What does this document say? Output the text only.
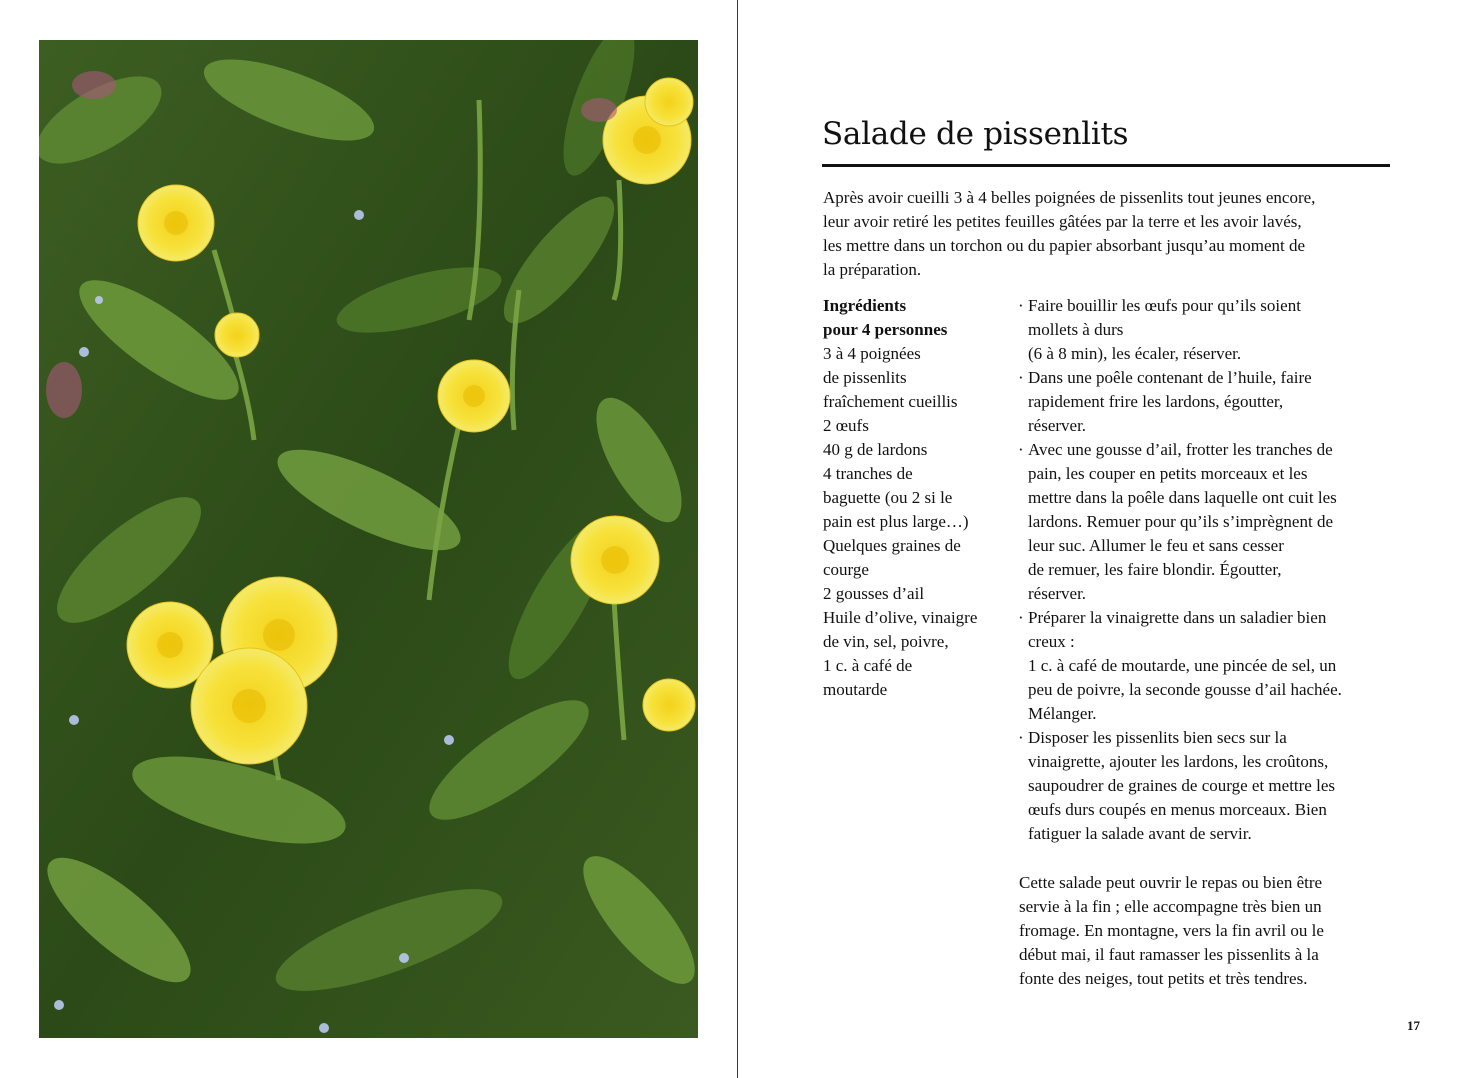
Salade de pissenlits

Après avoir cueilli 3 à 4 belles poignées de pissenlits tout jeunes encore,
leur avoir retiré les petites feuilles gâtées par la terre et les avoir lavés,
les mettre dans un torchon ou du papier absorbant jusqu’au moment de
la préparation.

Ingrédients
pour 4 personnes
3 à 4 poignées
de pissenlits
fraîchement cueillis
2 œufs
40 g de lardons
4 tranches de
baguette (ou 2 si le
pain est plus large…)
Quelques graines de
courge
2 gousses d’ail
Huile d’olive, vinaigre
de vin, sel, poivre,
1 c. à café de
moutarde
· Faire bouillir les œufs pour qu’ils soient
mollets à durs
(6 à 8 min), les écaler, réserver.
· Dans une poêle contenant de l’huile, faire
rapidement frire les lardons, égoutter,
réserver.
· Avec une gousse d’ail, frotter les tranches de
pain, les couper en petits morceaux et les
mettre dans la poêle dans laquelle ont cuit les
lardons. Remuer pour qu’ils s’imprègnent de
leur suc. Allumer le feu et sans cesser
de remuer, les faire blondir. Égoutter,
réserver.
· Préparer la vinaigrette dans un saladier bien
creux :
1 c. à café de moutarde, une pincée de sel, un
peu de poivre, la seconde gousse d’ail hachée.
Mélanger.
· Disposer les pissenlits bien secs sur la
vinaigrette, ajouter les lardons, les croûtons,
saupoudrer de graines de courge et mettre les
œufs durs coupés en menus morceaux. Bien
fatiguer la salade avant de servir.

Cette salade peut ouvrir le repas ou bien être
servie à la fin ; elle accompagne très bien un
fromage. En montagne, vers la fin avril ou le
début mai, il faut ramasser les pissenlits à la
fonte des neiges, tout petits et très tendres.

17
